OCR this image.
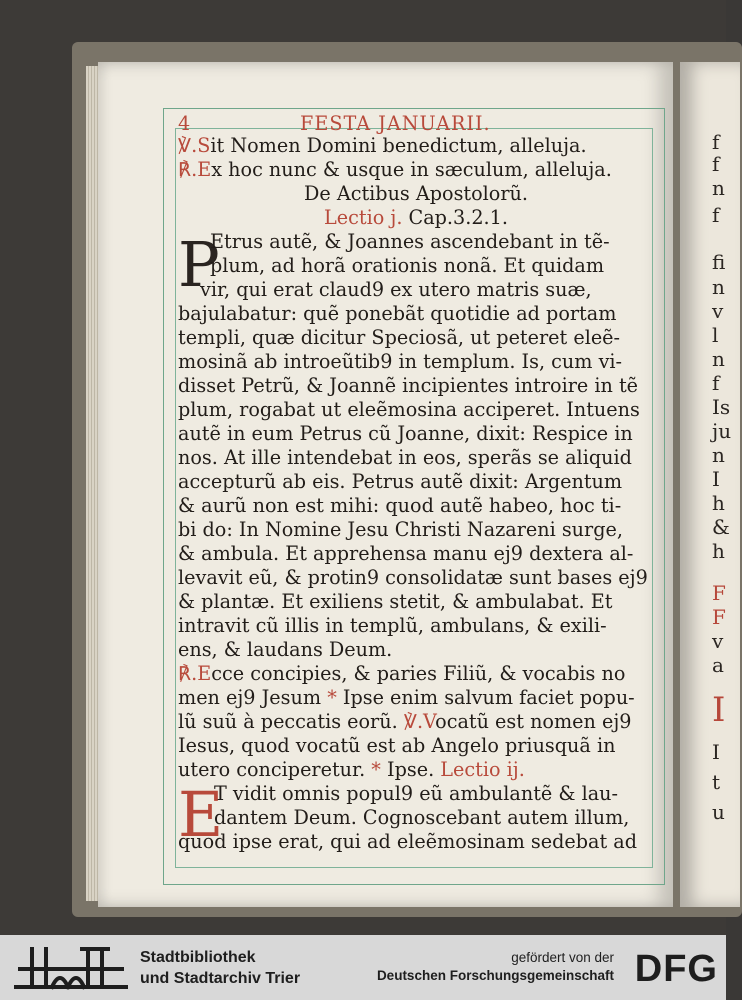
f
f
n
f
fi
n
v
l
n
f
Is
ju
n
I
h
&
h
F
F
v
a
I
I
t
u
4	FESTA JANUARII.
℣.Sit Nomen Domini benedictum, alleluja.
℟.Ex hoc nunc & usque in sæculum, alleluja.
De Actibus Apostolorũ.
Lectio j. Cap.3.2.1.
P
Etrus autẽ, & Joannes ascendebant in tẽ-
plum, ad horã orationis nonã. Et quidam
vir, qui erat claud9 ex utero matris suæ,
bajulabatur: quẽ ponebãt quotidie ad portam
templi, quæ dicitur Speciosã, ut peteret eleẽ-
mosinã ab introeũtib9 in templum. Is, cum vi-
disset Petrũ, & Joannẽ incipientes introire in tẽ
plum, rogabat ut eleẽmosina acciperet. Intuens
autẽ in eum Petrus cũ Joanne, dixit: Respice in
nos. At ille intendebat in eos, sperãs se aliquid
accepturũ ab eis. Petrus autẽ dixit: Argentum
& aurũ non est mihi: quod autẽ habeo, hoc ti-
bi do: In Nomine Jesu Christi Nazareni surge,
& ambula. Et apprehensa manu ej9 dextera al-
levavit eũ, & protin9 consolidatæ sunt bases ej9
& plantæ. Et exiliens stetit, & ambulabat. Et
intravit cũ illis in templũ, ambulans, & exili-
ens, & laudans Deum.
℟.Ecce concipies, & paries Filiũ, & vocabis no
men ej9 Jesum * Ipse enim salvum faciet popu-
lũ suũ à peccatis eorũ. ℣.Vocatũ est nomen ej9
Iesus, quod vocatũ est ab Angelo priusquã in
utero conciperetur. * Ipse. Lectio ij.
E
T vidit omnis popul9 eũ ambulantẽ & lau-
dantem Deum. Cognoscebant autem illum,
quod ipse erat, qui ad eleẽmosinam sedebat ad
Stadtbibliothek
und Stadtarchiv Trier
gefördert von der
Deutschen Forschungsgemeinschaft DFG
